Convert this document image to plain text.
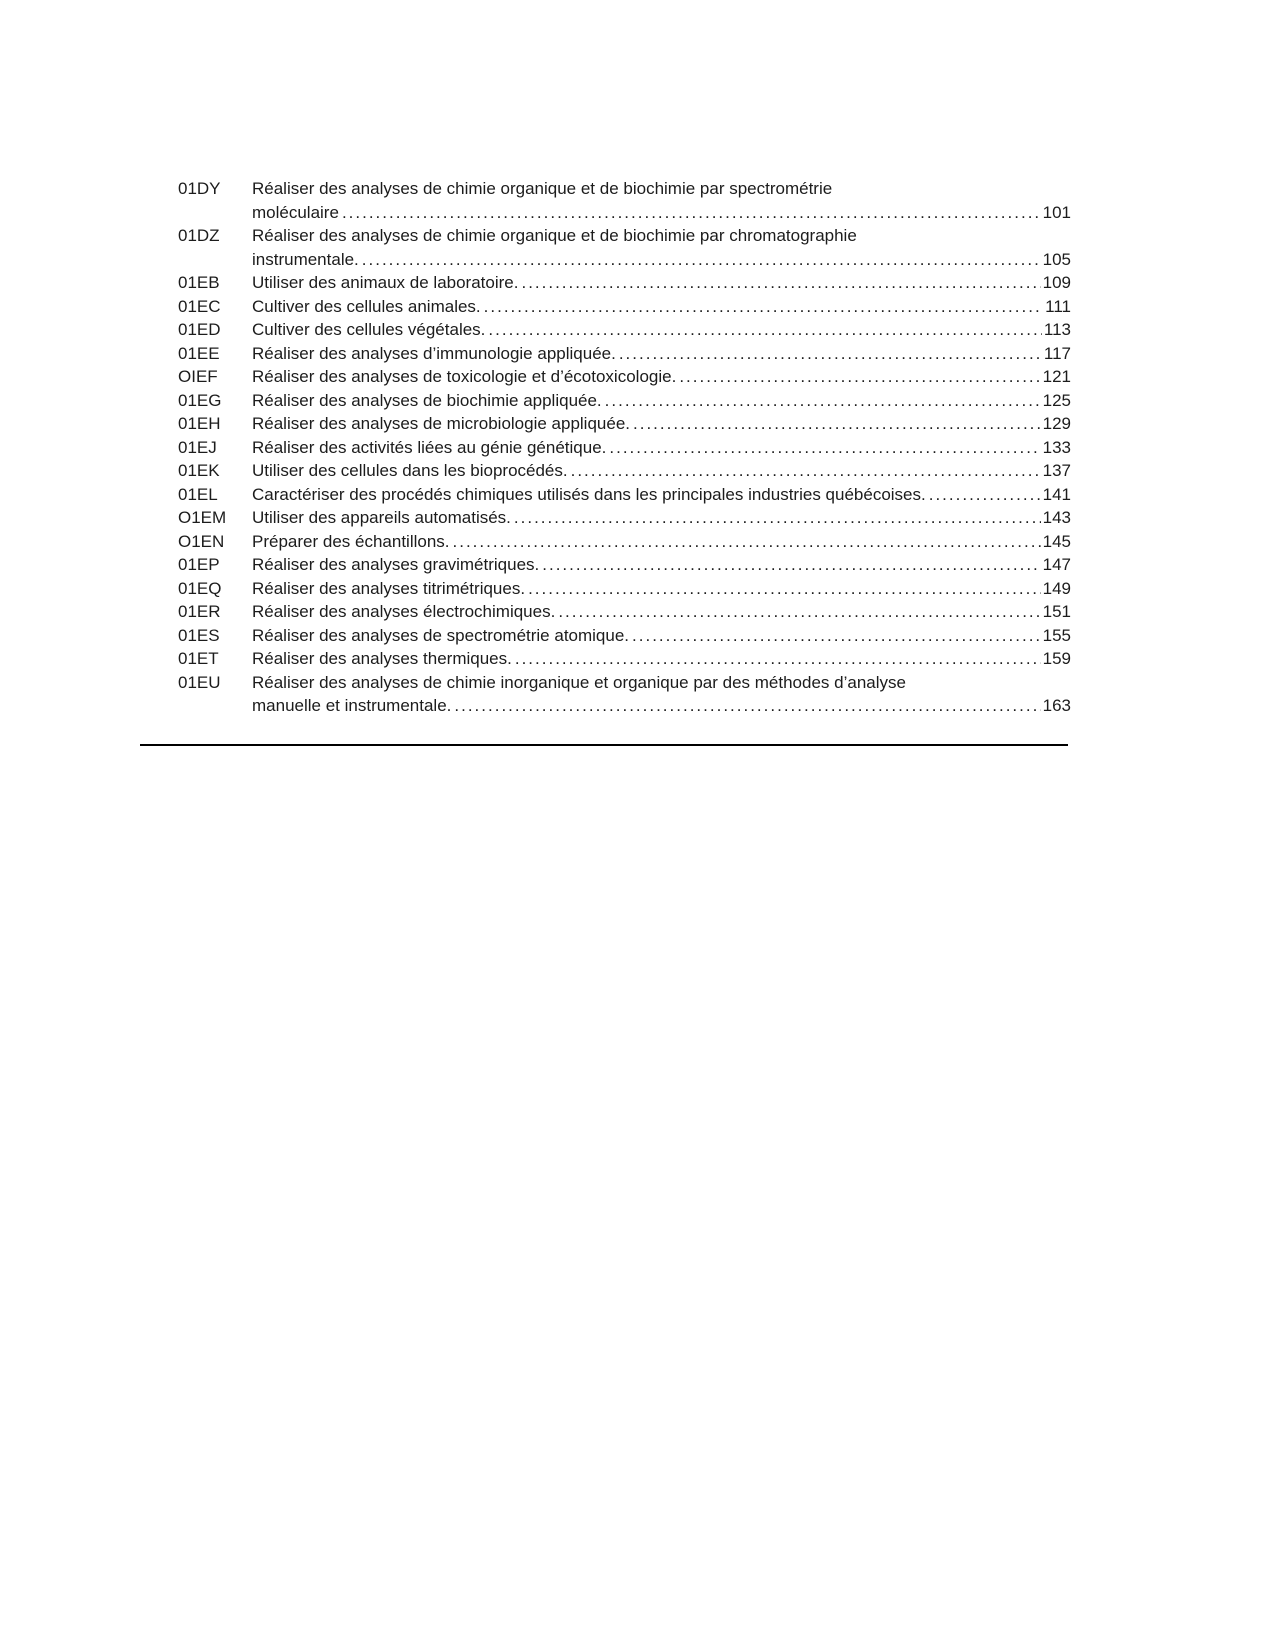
01DY	Réaliser des analyses de chimie organique et de biochimie par spectrométrie
moléculaire .....	101
01DZ	Réaliser des analyses de chimie organique et de biochimie par chromatographie
instrumentale. .....	105
01EB	Utiliser des animaux de laboratoire. .....	109
01EC	Cultiver des cellules animales. .....	111
01ED	Cultiver des cellules végétales. .....	113
01EE	Réaliser des analyses d’immunologie appliquée. .....	117
OIEF	Réaliser des analyses de toxicologie et d’écotoxicologie. .....	121
01EG	Réaliser des analyses de biochimie appliquée. .....	125
01EH	Réaliser des analyses de microbiologie appliquée. .....	129
01EJ	Réaliser des activités liées au génie génétique. .....	133
01EK	Utiliser des cellules dans les bioprocédés. .....	137
01EL	Caractériser des procédés chimiques utilisés dans les principales industries québécoises. .....	141
O1EM	Utiliser des appareils automatisés. .....	143
O1EN	Préparer des échantillons. .....	145
01EP	Réaliser des analyses gravimétriques. .....	147
01EQ	Réaliser des analyses titrimétriques. .....	149
01ER	Réaliser des analyses électrochimiques. .....	151
01ES	Réaliser des analyses de spectrométrie atomique. .....	155
01ET	Réaliser des analyses thermiques. .....	159
01EU	Réaliser des analyses de chimie inorganique et organique par des méthodes d’analyse
manuelle et instrumentale. .....	163
